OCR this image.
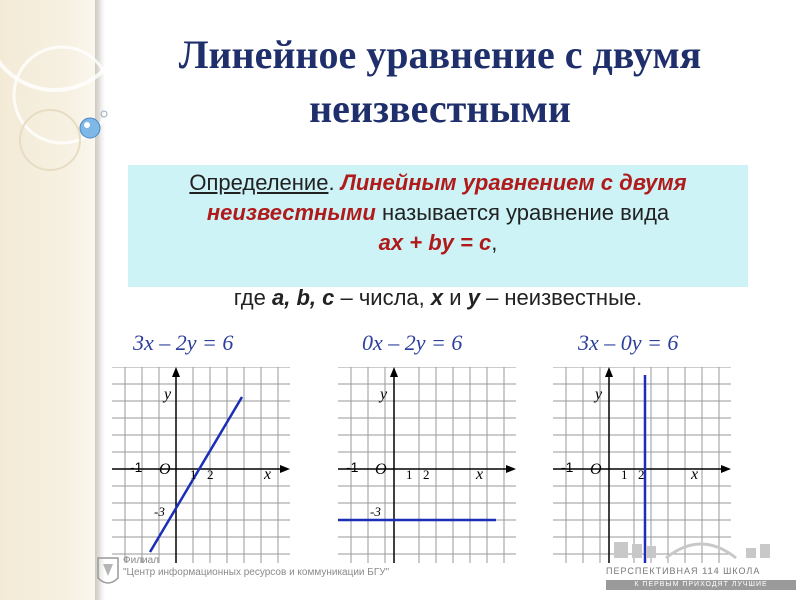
Линейное уравнение с двумя
неизвестными
Определение. Линейным уравнением с двумя
неизвестными называется уравнение вида
ax + by = c,
где a, b, c – числа, x и y – неизвестные.
3x – 2y = 6	0x – 2y = 6	3x – 0y = 6
y
x
O 1 2
-1
-3
y
x
O 1 2
-1
-3
y
x
O 1 2
-1
Филиал
"Центр информационных ресурсов и коммуникации БГУ"	ПЕРСПЕКТИВНАЯ 114 ШКОЛА
К ПЕРВЫМ ПРИХОДЯТ ЛУЧШИЕ
